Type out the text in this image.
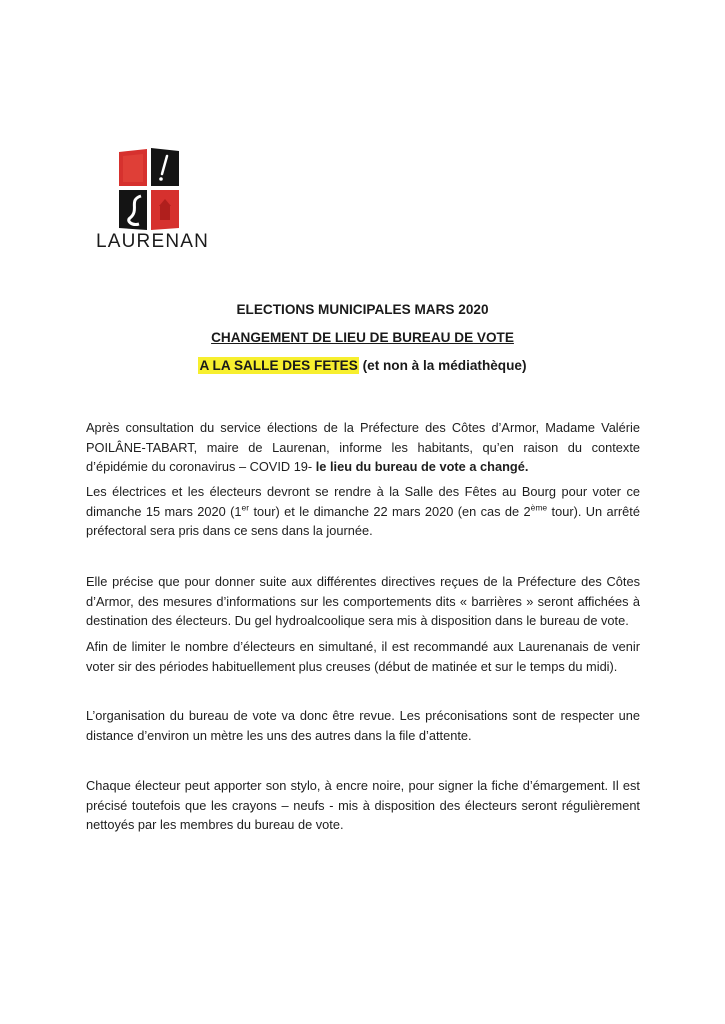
LAURENAN
ELECTIONS MUNICIPALES MARS 2020
CHANGEMENT DE LIEU DE BUREAU DE VOTE
A LA SALLE DES FETES (et non à la médiathèque)
Après consultation du service élections de la Préfecture des Côtes d’Armor, Madame Valérie POILÂNE-TABART, maire de Laurenan, informe les habitants, qu’en raison du contexte d’épidémie du coronavirus – COVID 19- le lieu du bureau de vote a changé.
Les électrices et les électeurs devront se rendre à la Salle des Fêtes au Bourg pour voter ce dimanche 15 mars 2020 (1er tour) et le dimanche 22 mars 2020 (en cas de 2ème tour). Un arrêté préfectoral sera pris dans ce sens dans la journée.
Elle précise que pour donner suite aux différentes directives reçues de la Préfecture des Côtes d’Armor, des mesures d’informations sur les comportements dits « barrières » seront affichées à destination des électeurs. Du gel hydroalcoolique sera mis à disposition dans le bureau de vote.
Afin de limiter le nombre d’électeurs en simultané, il est recommandé aux Laurenanais de venir voter sir des périodes habituellement plus creuses (début de matinée et sur le temps du midi).
L’organisation du bureau de vote va donc être revue. Les préconisations sont de respecter une distance d’environ un mètre les uns des autres dans la file d’attente.
Chaque électeur peut apporter son stylo, à encre noire, pour signer la fiche d’émargement. Il est précisé toutefois que les crayons – neufs - mis à disposition des électeurs seront régulièrement nettoyés par les membres du bureau de vote.
